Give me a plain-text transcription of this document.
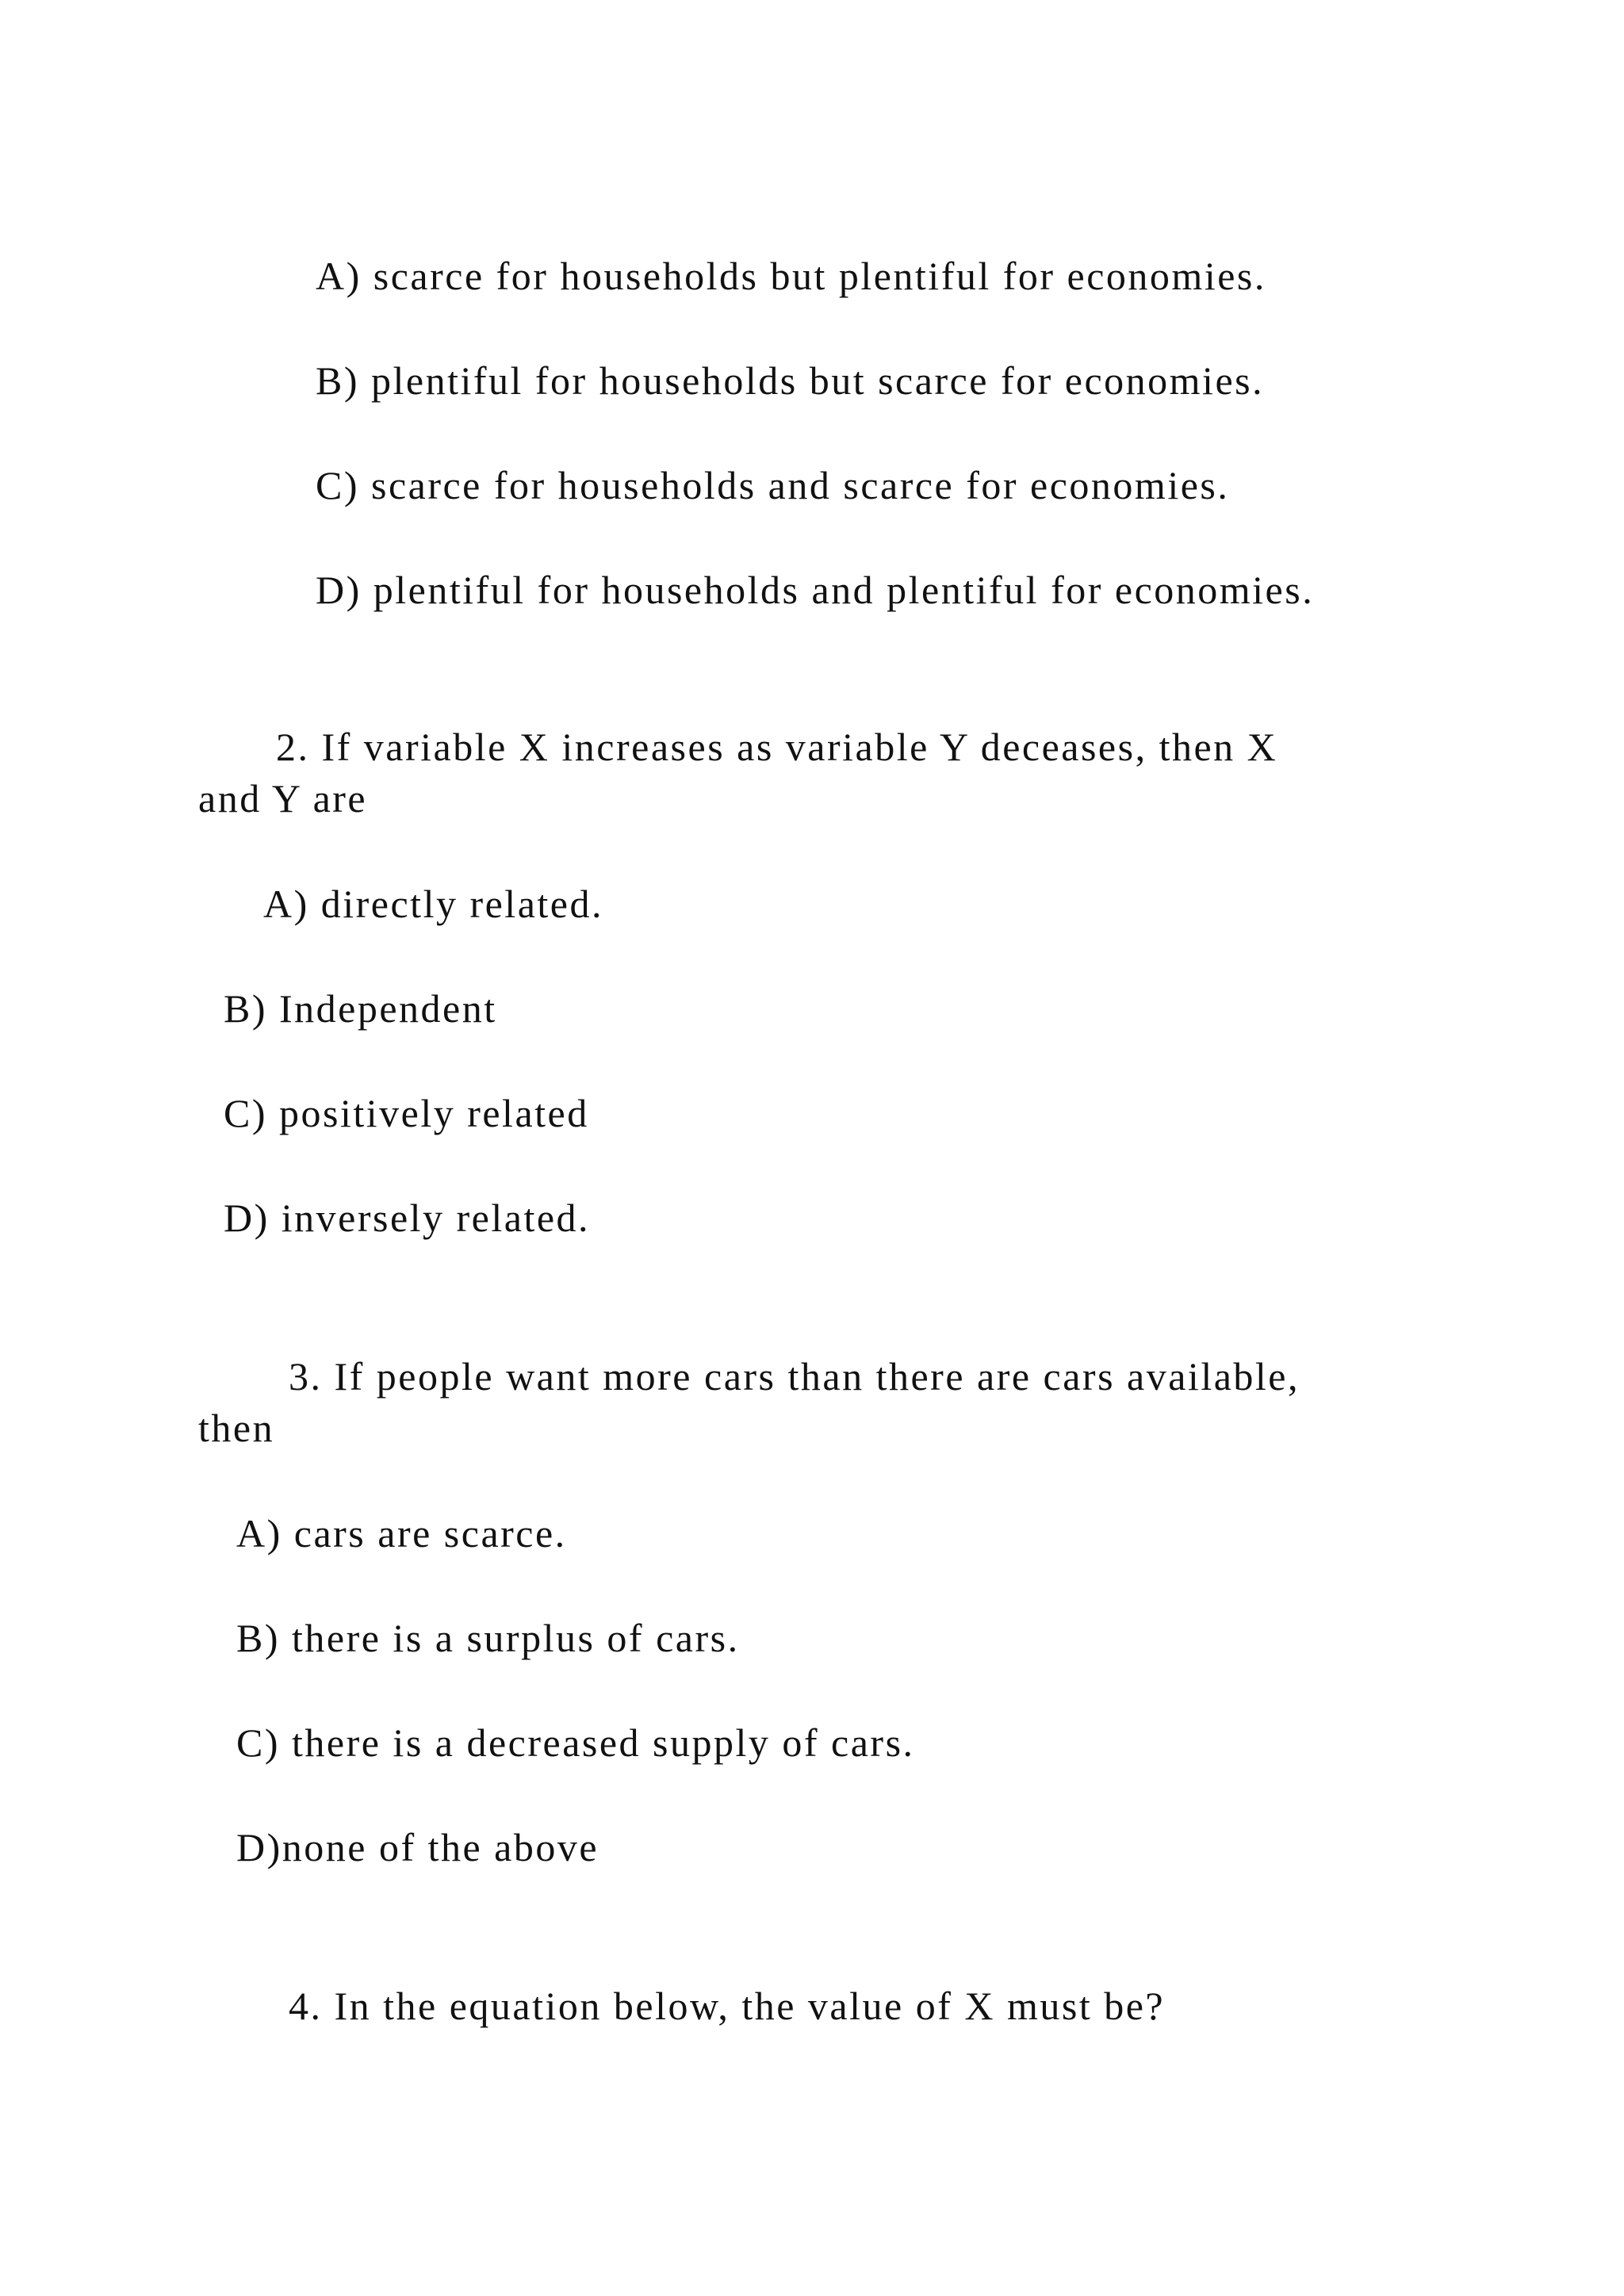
A) scarce for households but plentiful for economies.
B) plentiful for households but scarce for economies.
C) scarce for households and scarce for economies.
D) plentiful for households and plentiful for economies.
2. If variable X increases as variable Y deceases, then X
and Y are
A) directly related.
B) Independent
C) positively related
D) inversely related.
3. If people want more cars than there are cars available,
then
A) cars are scarce.
B) there is a surplus of cars.
C) there is a decreased supply of cars.
D)none of the above
4. In the equation below, the value of X must be?
